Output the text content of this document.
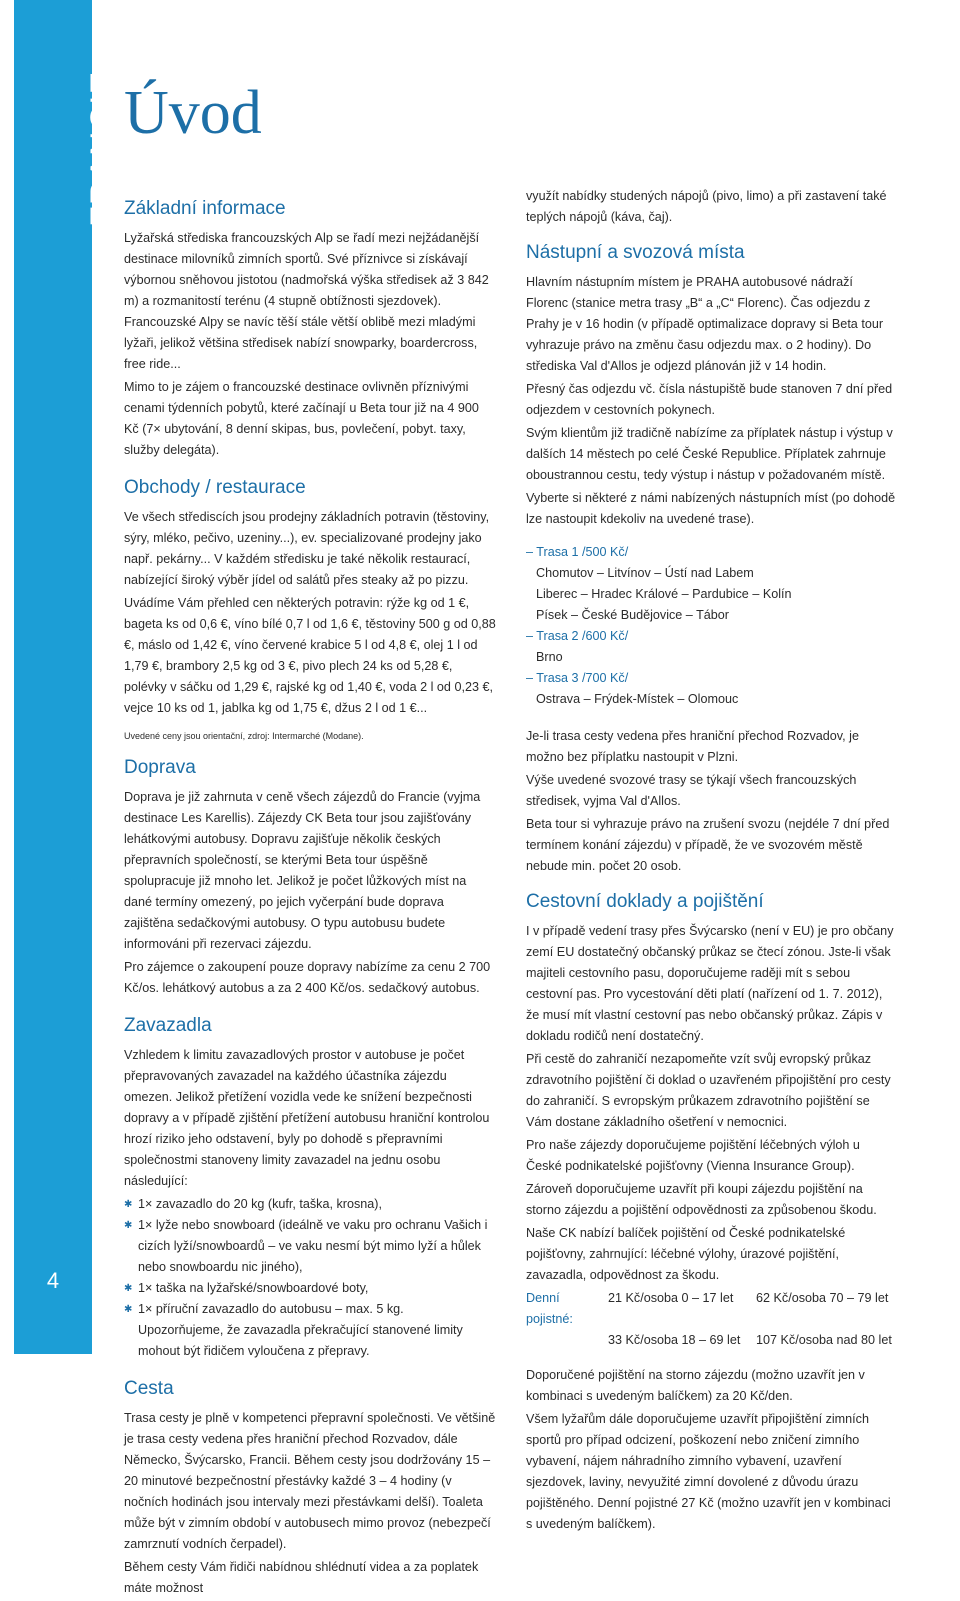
FRANCIE
4
Úvod
Základní informace

Lyžařská střediska francouzských Alp se řadí mezi nejžádanější destinace milovníků zimních sportů. Své příznivce si získávají výbornou sněhovou jistotou (nadmořská výška středisek až 3 842 m) a rozmanitostí terénu (4 stupně obtížnosti sjezdovek). Francouzské Alpy se navíc těší stále větší oblibě mezi mladými lyžaři, jelikož většina středisek nabízí snowparky, boardercross, free ride...

Mimo to je zájem o francouzské destinace ovlivněn příznivými cenami týdenních pobytů, které začínají u Beta tour již na 4 900 Kč (7× ubytování, 8 denní skipas, bus, povlečení, pobyt. taxy, služby delegáta).

Obchody / restaurace

Ve všech střediscích jsou prodejny základních potravin (těstoviny, sýry, mléko, pečivo, uzeniny...), ev. specializované prodejny jako např. pekárny... V každém středisku je také několik restaurací, nabízející široký výběr jídel od salátů přes steaky až po pizzu.

Uvádíme Vám přehled cen některých potravin: rýže kg od 1 €, bageta ks od 0,6 €, víno bílé 0,7 l od 1,6 €, těstoviny 500 g od 0,88 €, máslo od 1,42 €, víno červené krabice 5 l od 4,8 €, olej 1 l od 1,79 €, brambory 2,5 kg od 3 €, pivo plech 24 ks od 5,28 €, polévky v sáčku od 1,29 €, rajské kg od 1,40 €, voda 2 l od 0,23 €, vejce 10 ks od 1, jablka kg od 1,75 €, džus 2 l od 1 €...

Uvedené ceny jsou orientační, zdroj: Intermarché (Modane).

Doprava

Doprava je již zahrnuta v ceně všech zájezdů do Francie (vyjma destinace Les Karellis). Zájezdy CK Beta tour jsou zajišťovány lehátkovými autobusy. Dopravu zajišťuje několik českých přepravních společností, se kterými Beta tour úspěšně spolupracuje již mnoho let. Jelikož je počet lůžkových míst na dané termíny omezený, po jejich vyčerpání bude doprava zajištěna sedačkovými autobusy. O typu autobusu budete informováni při rezervaci zájezdu.

Pro zájemce o zakoupení pouze dopravy nabízíme za cenu 2 700 Kč/os. lehátkový autobus a za 2 400 Kč/os. sedačkový autobus.

Zavazadla

Vzhledem k limitu zavazadlových prostor v autobuse je počet přepravovaných zavazadel na každého účastníka zájezdu omezen. Jelikož přetížení vozidla vede ke snížení bezpečnosti dopravy a v případě zjištění přetížení autobusu hraniční kontrolou hrozí riziko jeho odstavení, byly po dohodě s přepravními společnostmi stanoveny limity zavazadel na jednu osobu následující:

✱ 1× zavazadlo do 20 kg (kufr, taška, krosna),
✱ 1× lyže nebo snowboard (ideálně ve vaku pro ochranu Vašich i cizích lyží/snowboardů – ve vaku nesmí být mimo lyží a hůlek nebo snowboardu nic jiného),
✱ 1× taška na lyžařské/snowboardové boty,
✱ 1× příruční zavazadlo do autobusu – max. 5 kg.

Upozorňujeme, že zavazadla překračující stanovené limity mohout být řidičem vyloučena z přepravy.

Cesta

Trasa cesty je plně v kompetenci přepravní společnosti. Ve většině je trasa cesty vedena přes hraniční přechod Rozvadov, dále Německo, Švýcarsko, Francii. Během cesty jsou dodržovány 15 – 20 minutové bezpečnostní přestávky každé 3 – 4 hodiny (v nočních hodinách jsou intervaly mezi přestávkami delší). Toaleta může být v zimním období v autobusech mimo provoz (nebezpečí zamrznutí vodních čerpadel).

Během cesty Vám řidiči nabídnou shlédnutí videa a za poplatek máte možnost

využít nabídky studených nápojů (pivo, limo) a při zastavení také teplých nápojů (káva, čaj).

Nástupní a svozová místa

Hlavním nástupním místem je PRAHA autobusové nádraží Florenc (stanice metra trasy „B“ a „C“ Florenc). Čas odjezdu z Prahy je v 16 hodin (v případě optimalizace dopravy si Beta tour vyhrazuje právo na změnu času odjezdu max. o 2 hodiny). Do střediska Val d'Allos je odjezd plánován již v 14 hodin.

Přesný čas odjezdu vč. čísla nástupiště bude stanoven 7 dní před odjezdem v cestovních pokynech.

Svým klientům již tradičně nabízíme za příplatek nástup i výstup v dalších 14 městech po celé České Republice. Příplatek zahrnuje oboustrannou cestu, tedy výstup i nástup v požadovaném místě.

Vyberte si některé z námi nabízených nástupních míst (po dohodě lze nastoupit kdekoliv na uvedené trase).

– Trasa 1 /500 Kč/
Chomutov – Litvínov – Ústí nad Labem
Liberec – Hradec Králové – Pardubice – Kolín
Písek – České Budějovice – Tábor
– Trasa 2 /600 Kč/
Brno
– Trasa 3 /700 Kč/
Ostrava – Frýdek-Místek – Olomouc

Je-li trasa cesty vedena přes hraniční přechod Rozvadov, je možno bez příplatku nastoupit v Plzni.

Výše uvedené svozové trasy se týkají všech francouzských středisek, vyjma Val d'Allos.

Beta tour si vyhrazuje právo na zrušení svozu (nejdéle 7 dní před termínem konání zájezdu) v případě, že ve svozovém městě nebude min. počet 20 osob.

Cestovní doklady a pojištění

I v případě vedení trasy přes Švýcarsko (není v EU) je pro občany zemí EU dostatečný občanský průkaz se čtecí zónou. Jste-li však majiteli cestovního pasu, doporučujeme raději mít s sebou cestovní pas. Pro vycestování děti platí (nařízení od 1. 7. 2012), že musí mít vlastní cestovní pas nebo občanský průkaz. Zápis v dokladu rodičů není dostatečný.

Při cestě do zahraničí nezapomeňte vzít svůj evropský průkaz zdravotního pojištění či doklad o uzavřeném připojištění pro cesty do zahraničí. S evropským průkazem zdravotního pojištění se Vám dostane základního ošetření v nemocnici.

Pro naše zájezdy doporučujeme pojištění léčebných výloh u České podnikatelské pojišťovny (Vienna Insurance Group).

Zároveň doporučujeme uzavřít při koupi zájezdu pojištění na storno zájezdu a pojištění odpovědnosti za způsobenou škodu.

Naše CK nabízí balíček pojištění od České podnikatelské pojišťovny, zahrnující: léčebné výlohy, úrazové pojištění, zavazadla, odpovědnost za škodu.

Denní pojistné:
21 Kč/osoba 0 – 17 let	62 Kč/osoba 70 – 79 let
33 Kč/osoba 18 – 69 let	107 Kč/osoba nad 80 let

Doporučené pojištění na storno zájezdu (možno uzavřít jen v kombinaci s uvedeným balíčkem) za 20 Kč/den.

Všem lyžařům dále doporučujeme uzavřít připojištění zimních sportů pro případ odcizení, poškození nebo zničení zimního vybavení, nájem náhradního zimního vybavení, uzavření sjezdovek, laviny, nevyužité zimní dovolené z důvodu úrazu pojištěného. Denní pojistné 27 Kč (možno uzavřít jen v kombinaci s uvedeným balíčkem).
